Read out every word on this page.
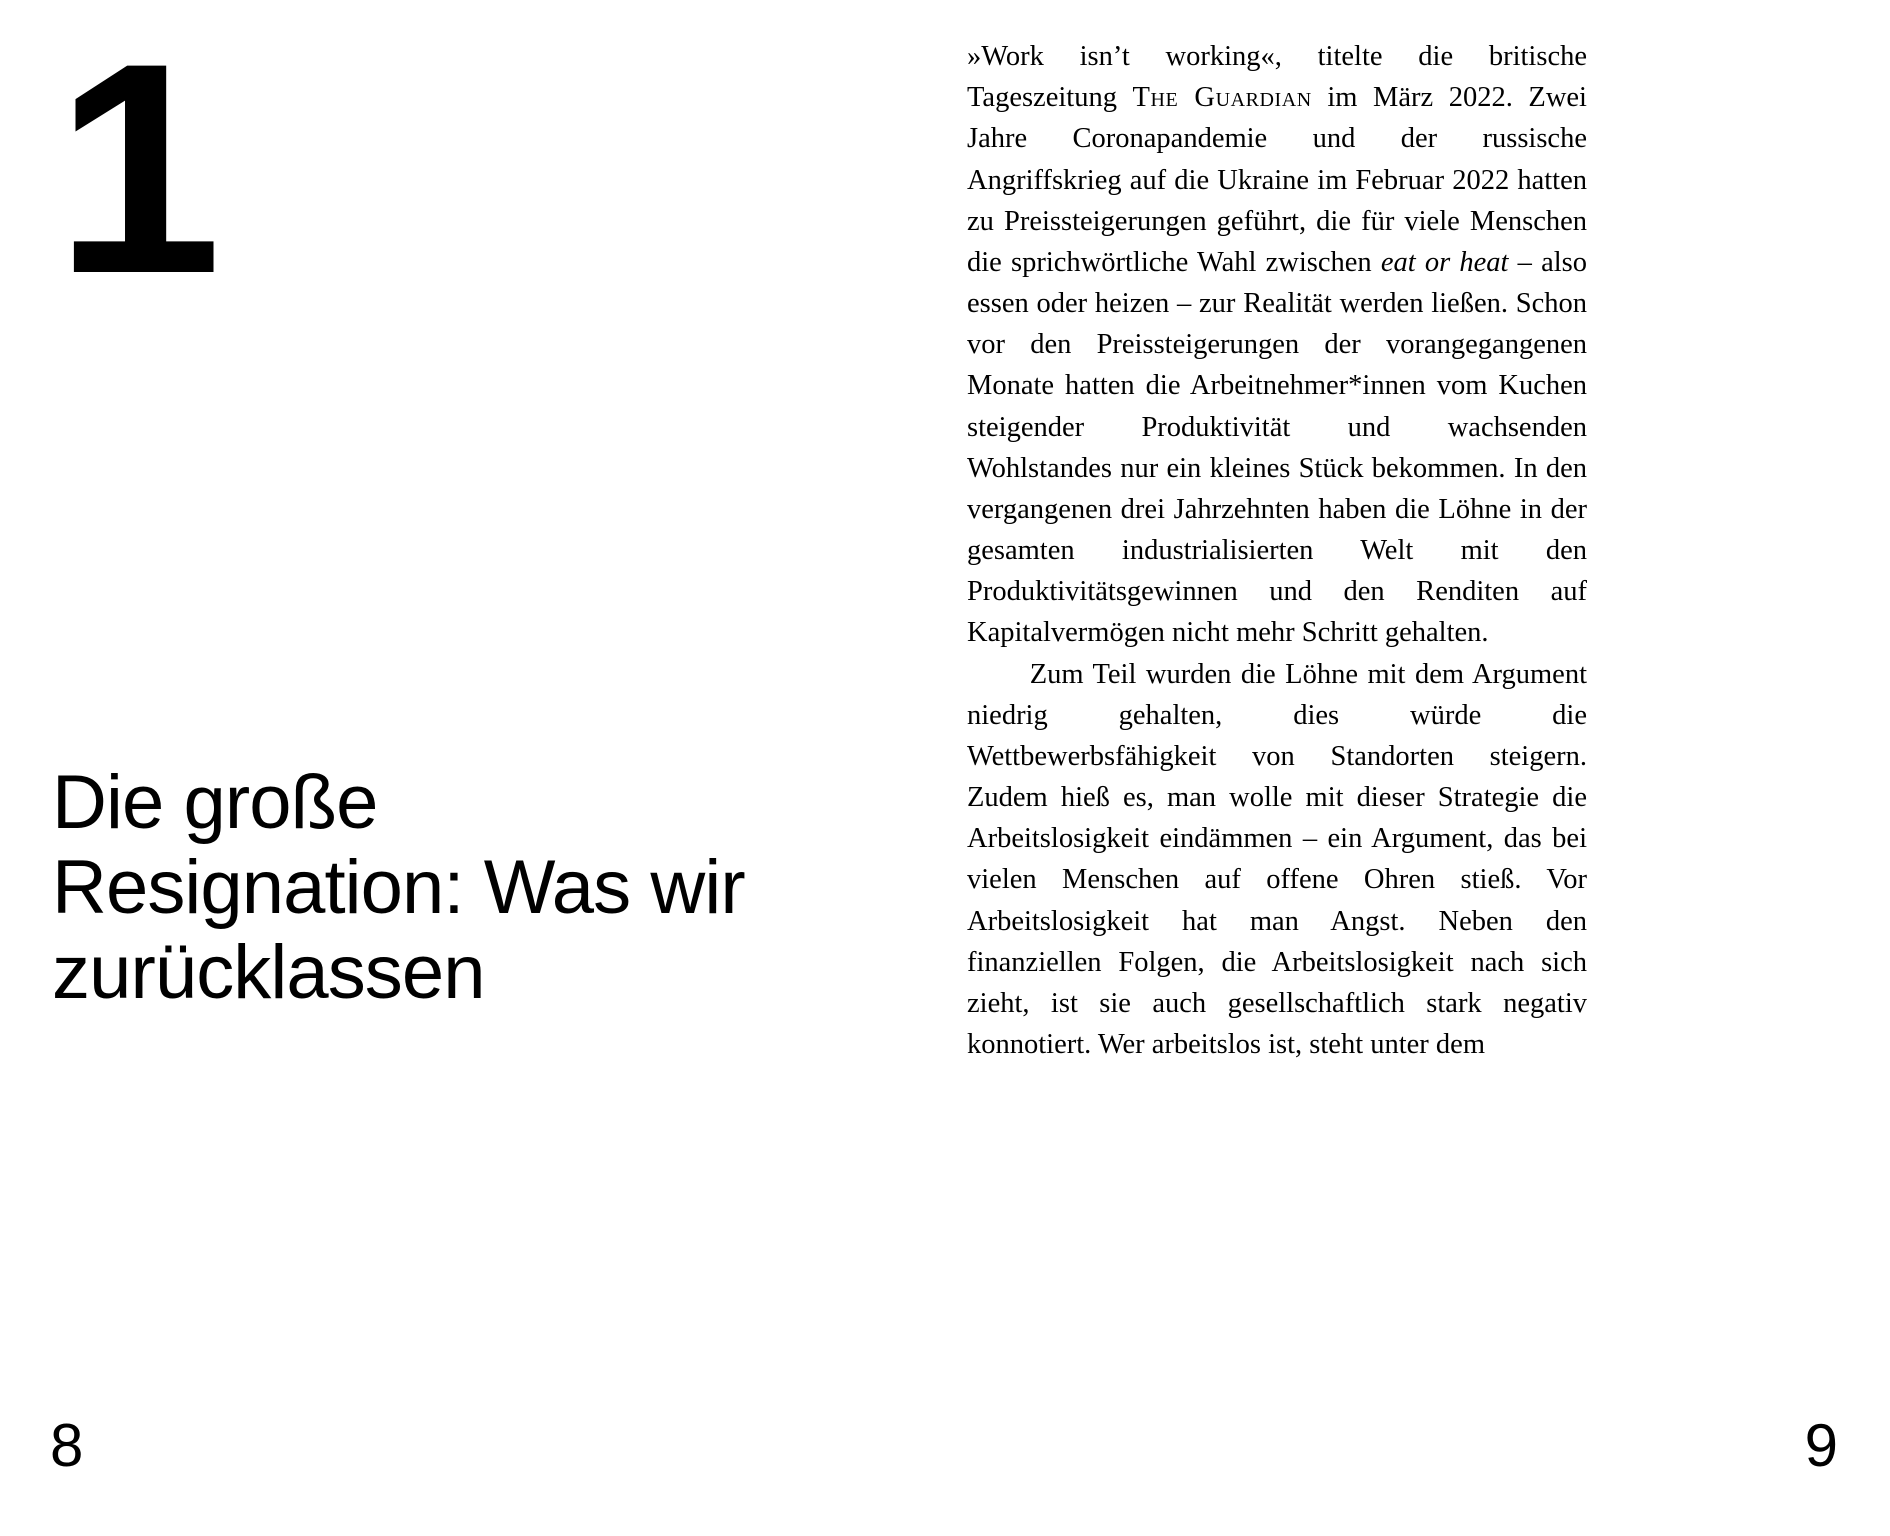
1
Die große Resignation: Was wir zurücklassen
8

»Work isn’t working«, titelte die britische Tageszeitung The Guardian im März 2022. Zwei Jahre Coronapandemie und der russische Angriffskrieg auf die Ukraine im Februar 2022 hatten zu Preissteigerungen geführt, die für viele Menschen die sprichwörtliche Wahl zwischen eat or heat – also essen oder heizen – zur Realität werden ließen. Schon vor den Preissteigerungen der vorangegangenen Monate hatten die Arbeitnehmer*innen vom Kuchen steigender Produktivität und wachsenden Wohlstandes nur ein kleines Stück bekommen. In den vergangenen drei Jahrzehnten haben die Löhne in der gesamten industrialisierten Welt mit den Produktivitätsgewinnen und den Renditen auf Kapitalvermögen nicht mehr Schritt gehalten.

Zum Teil wurden die Löhne mit dem Argument niedrig gehalten, dies würde die Wettbewerbsfähigkeit von Standorten steigern. Zudem hieß es, man wolle mit dieser Strategie die Arbeitslosigkeit eindämmen – ein Argument, das bei vielen Menschen auf offene Ohren stieß. Vor Arbeitslosigkeit hat man Angst. Neben den finanziellen Folgen, die Arbeitslosigkeit nach sich zieht, ist sie auch gesellschaftlich stark negativ konnotiert. Wer arbeitslos ist, steht unter dem

9
